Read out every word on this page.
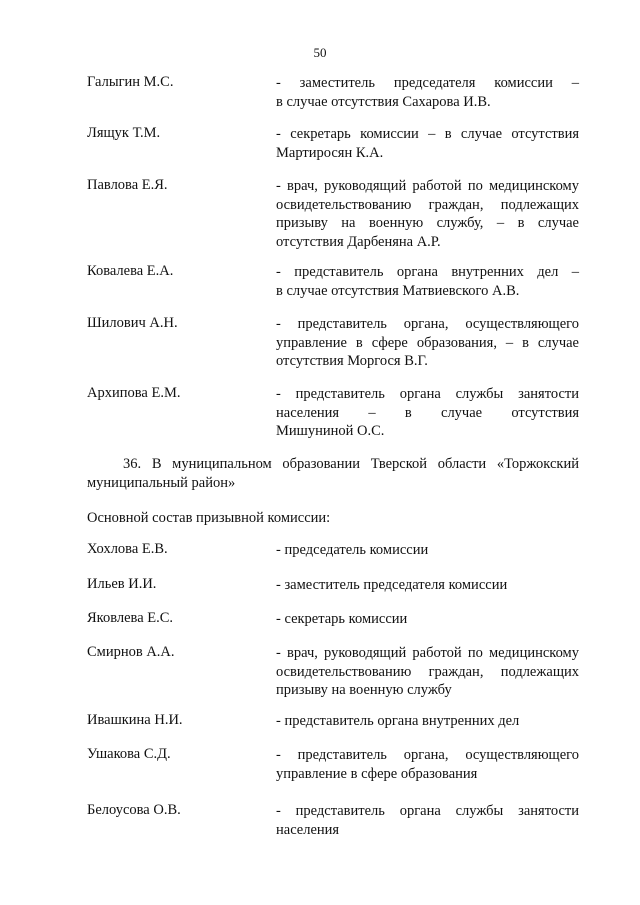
50
Галыгин М.С.	- заместитель председателя комиссии –
в случае отсутствия Сахарова И.В.
Лящук Т.М.	- секретарь комиссии – в случае отсутствия
Мартиросян К.А.
Павлова Е.Я.	- врач, руководящий работой по медицинскому
освидетельствованию граждан, подлежащих
призыву на военную службу, – в случае
отсутствия Дарбеняна А.Р.
Ковалева Е.А.	- представитель органа внутренних дел –
в случае отсутствия Матвиевского А.В.
Шилович А.Н.	- представитель органа, осуществляющего
управление в сфере образования, – в случае
отсутствия Моргося В.Г.
Архипова Е.М.	- представитель органа службы занятости
населения – в случае отсутствия
Мишуниной О.С.
36. В муниципальном образовании Тверской области «Торжокский
муниципальный район»
Основной состав призывной комиссии:
Хохлова Е.В.	- председатель комиссии
Ильев И.И.	- заместитель председателя комиссии
Яковлева Е.С.	- секретарь комиссии
Смирнов А.А.	- врач, руководящий работой по медицинскому
освидетельствованию граждан, подлежащих
призыву на военную службу
Ивашкина Н.И.	- представитель органа внутренних дел
Ушакова С.Д.	- представитель органа, осуществляющего
управление в сфере образования
Белоусова О.В.	- представитель органа службы занятости
населения
